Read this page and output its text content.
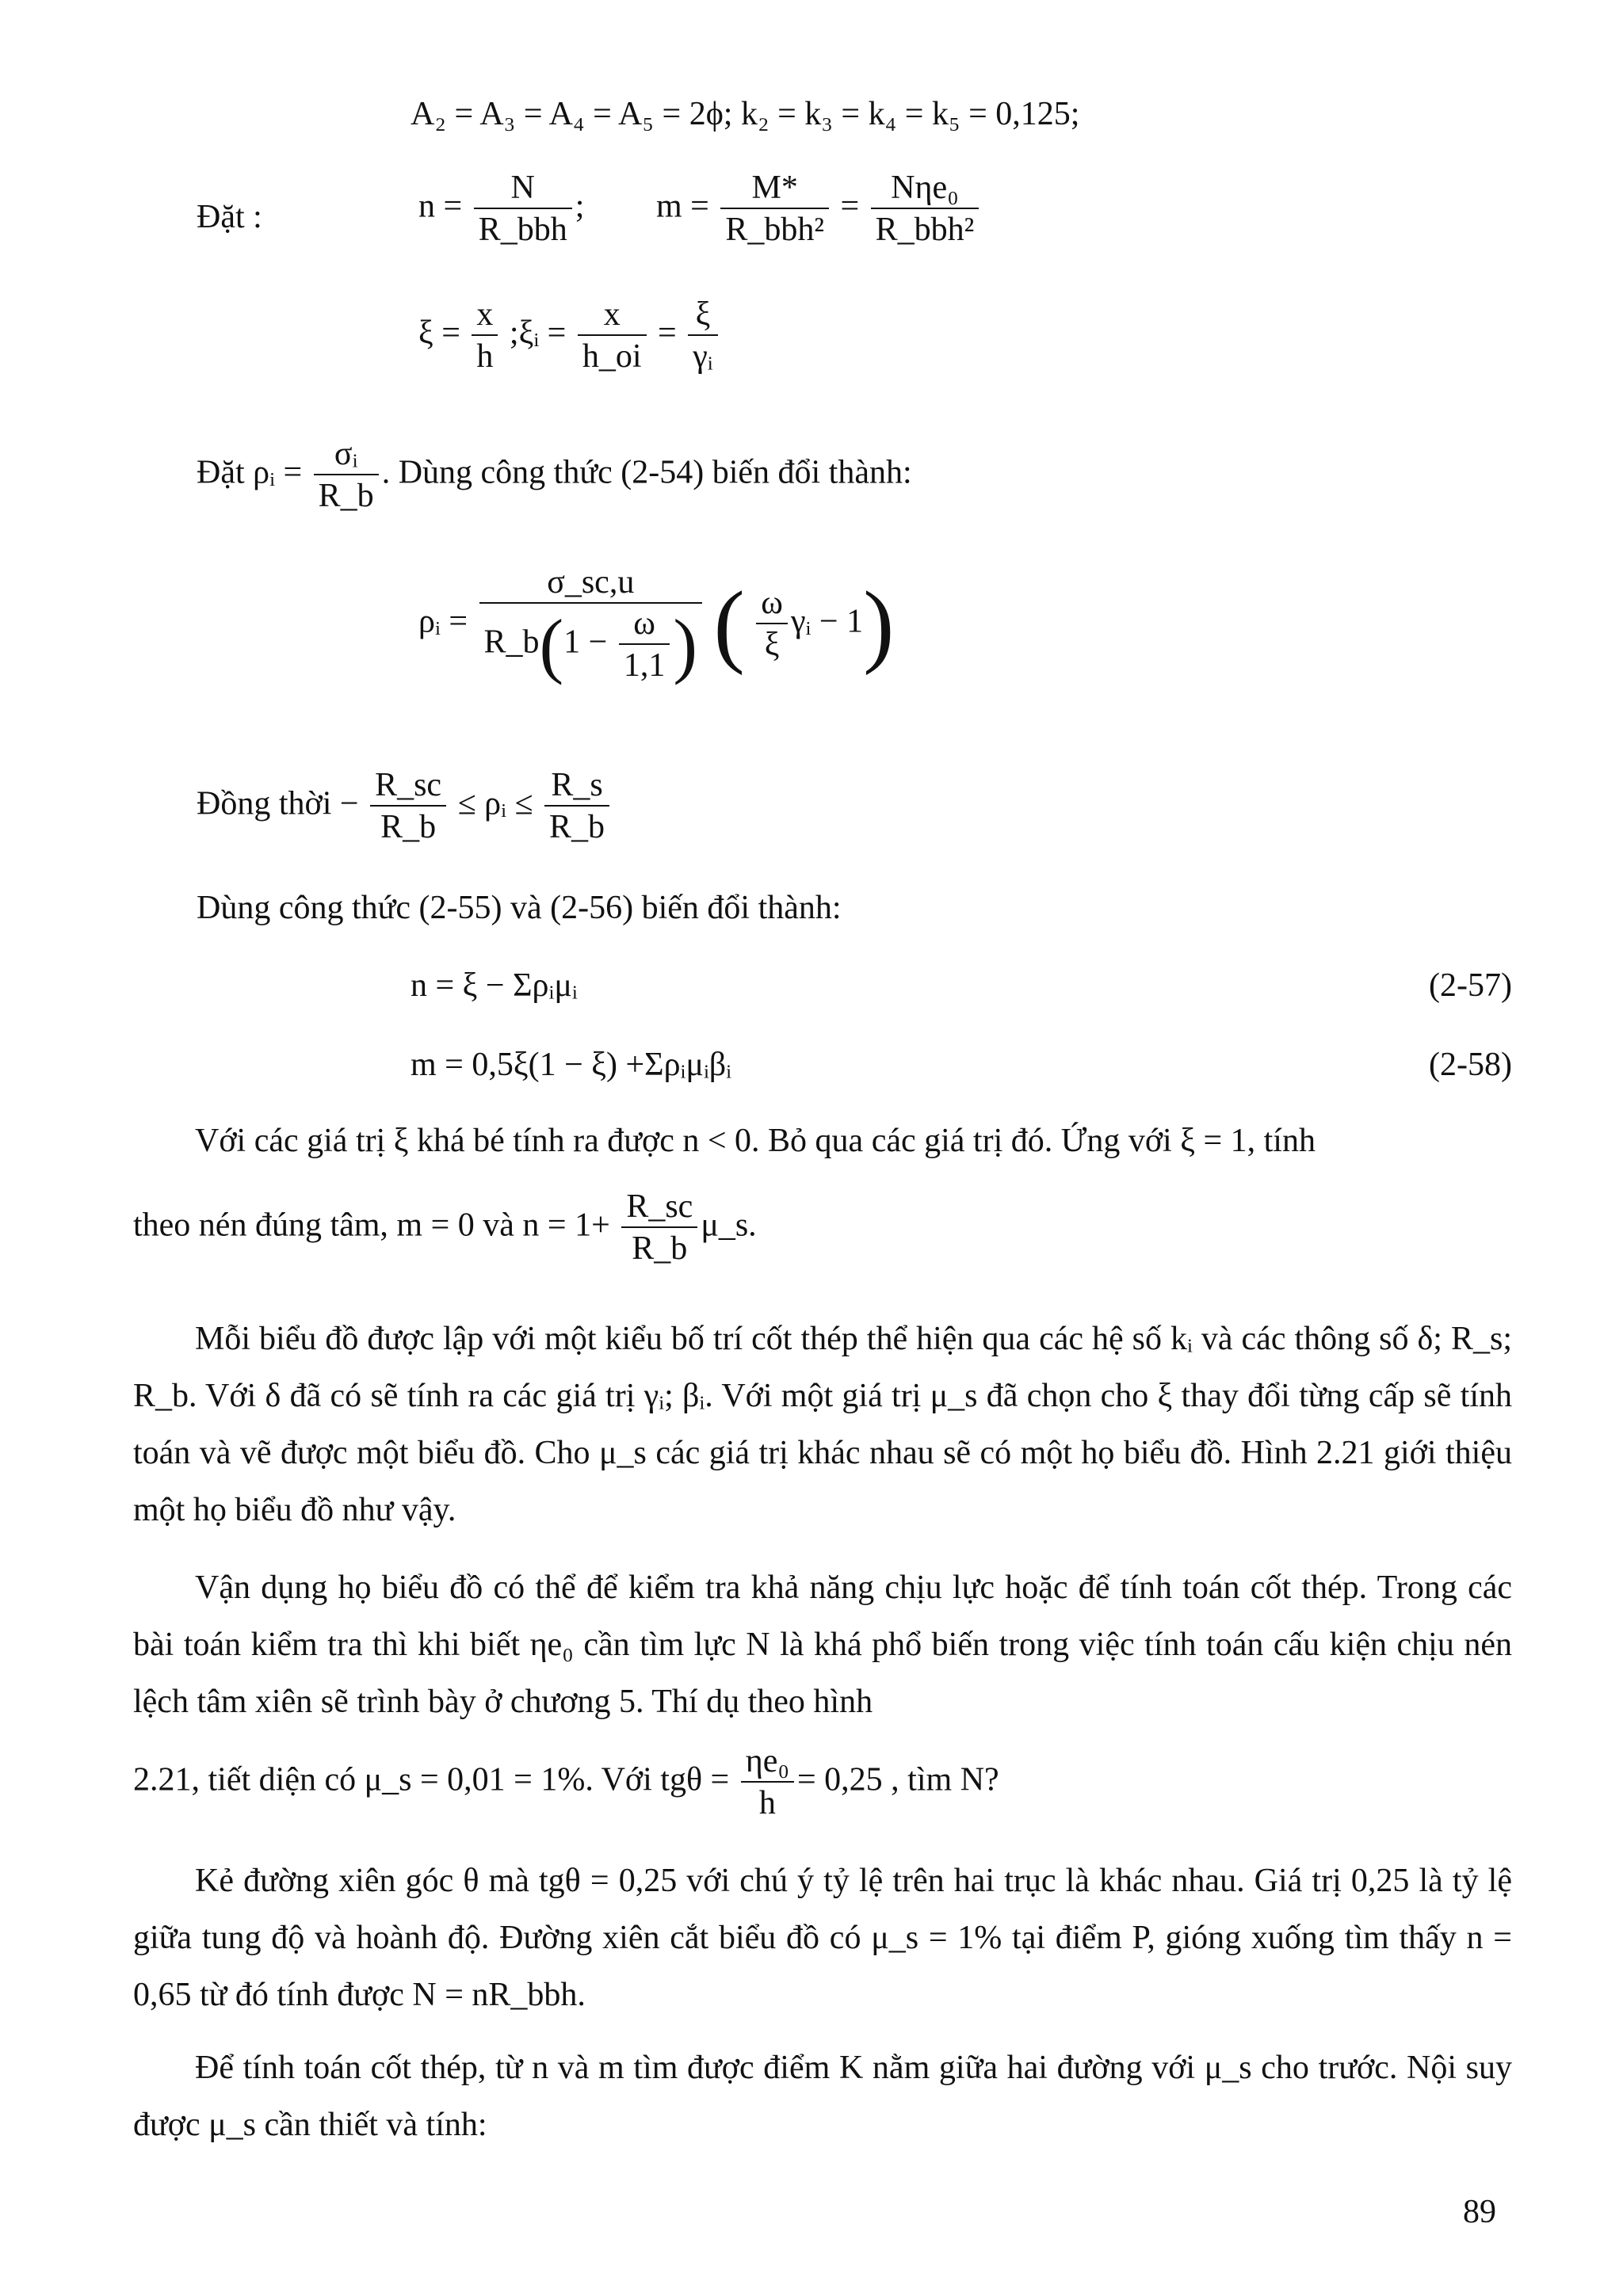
A₂ = A₃ = A₄ = A₅ = 2ϕ; k₂ = k₃ = k₄ = k₅ = 0,125;
Đặt :	$n = \frac{N}{\text{R\_bbh}}$ ; $m = \frac{M*}{\text{R\_bbh²}} = \frac{\text{Nηe₀}}{\text{R\_bbh²}}$
$\xi = \frac{x}{h}$ ;ξᵢ = $\frac{x}{h\_oi} = \frac{\xi}{\text{γᵢ}}$
Đặt ρᵢ = $\frac{\text{σᵢ}}{R\_b}$ . Dùng công thức (2-54) biến đổi thành:
ρᵢ = $\frac{\sigma\_sc,u}{R\_b(1 - \frac{\omega}{1,1} )}$ ( $\frac{\omega}{\xi}$ γᵢ − 1)
Đồng thời − $\frac{R\_sc}{R\_b}$ ≤ ρᵢ ≤ $\frac{R\_s}{R\_b}$
Dùng công thức (2-55) và (2-56) biến đổi thành:
n = ξ − Σρᵢμᵢ	(2-57)
m = 0,5ξ(1 − ξ) +Σρᵢμᵢβᵢ	(2-58)
Với các giá trị ξ khá bé tính ra được n < 0. Bỏ qua các giá trị đó. Ứng với ξ = 1, tính
theo nén đúng tâm, m = 0 và $n = 1+ \frac{R\_sc}{R\_b}$ μ_s.
Mỗi biểu đồ được lập với một kiểu bố trí cốt thép thể hiện qua các hệ số kᵢ và các thông số δ; R_s; R_b. Với δ đã có sẽ tính ra các giá trị γᵢ; βᵢ. Với một giá trị μ_s đã chọn cho ξ thay đổi từng cấp sẽ tính toán và vẽ được một biểu đồ. Cho μ_s các giá trị khác nhau sẽ có một họ biểu đồ. Hình 2.21 giới thiệu một họ biểu đồ như vậy.
Vận dụng họ biểu đồ có thể để kiểm tra khả năng chịu lực hoặc để tính toán cốt thép. Trong các bài toán kiểm tra thì khi biết ηe₀ cần tìm lực N là khá phổ biến trong việc tính toán cấu kiện chịu nén lệch tâm xiên sẽ trình bày ở chương 5. Thí dụ theo hình
2.21, tiết diện có μ_s = 0,01 = 1%. Với $tg\theta = \frac{\text{ηe₀}}{h} = 0,25$ , tìm N?
Kẻ đường xiên góc θ mà tgθ = 0,25 với chú ý tỷ lệ trên hai trục là khác nhau. Giá trị 0,25 là tỷ lệ giữa tung độ và hoành độ. Đường xiên cắt biểu đồ có μ_s = 1% tại điểm P, gióng xuống tìm thấy n = 0,65 từ đó tính được N = nR_bbh.
Để tính toán cốt thép, từ n và m tìm được điểm K nằm giữa hai đường với μ_s cho trước. Nội suy được μ_s cần thiết và tính:
89
